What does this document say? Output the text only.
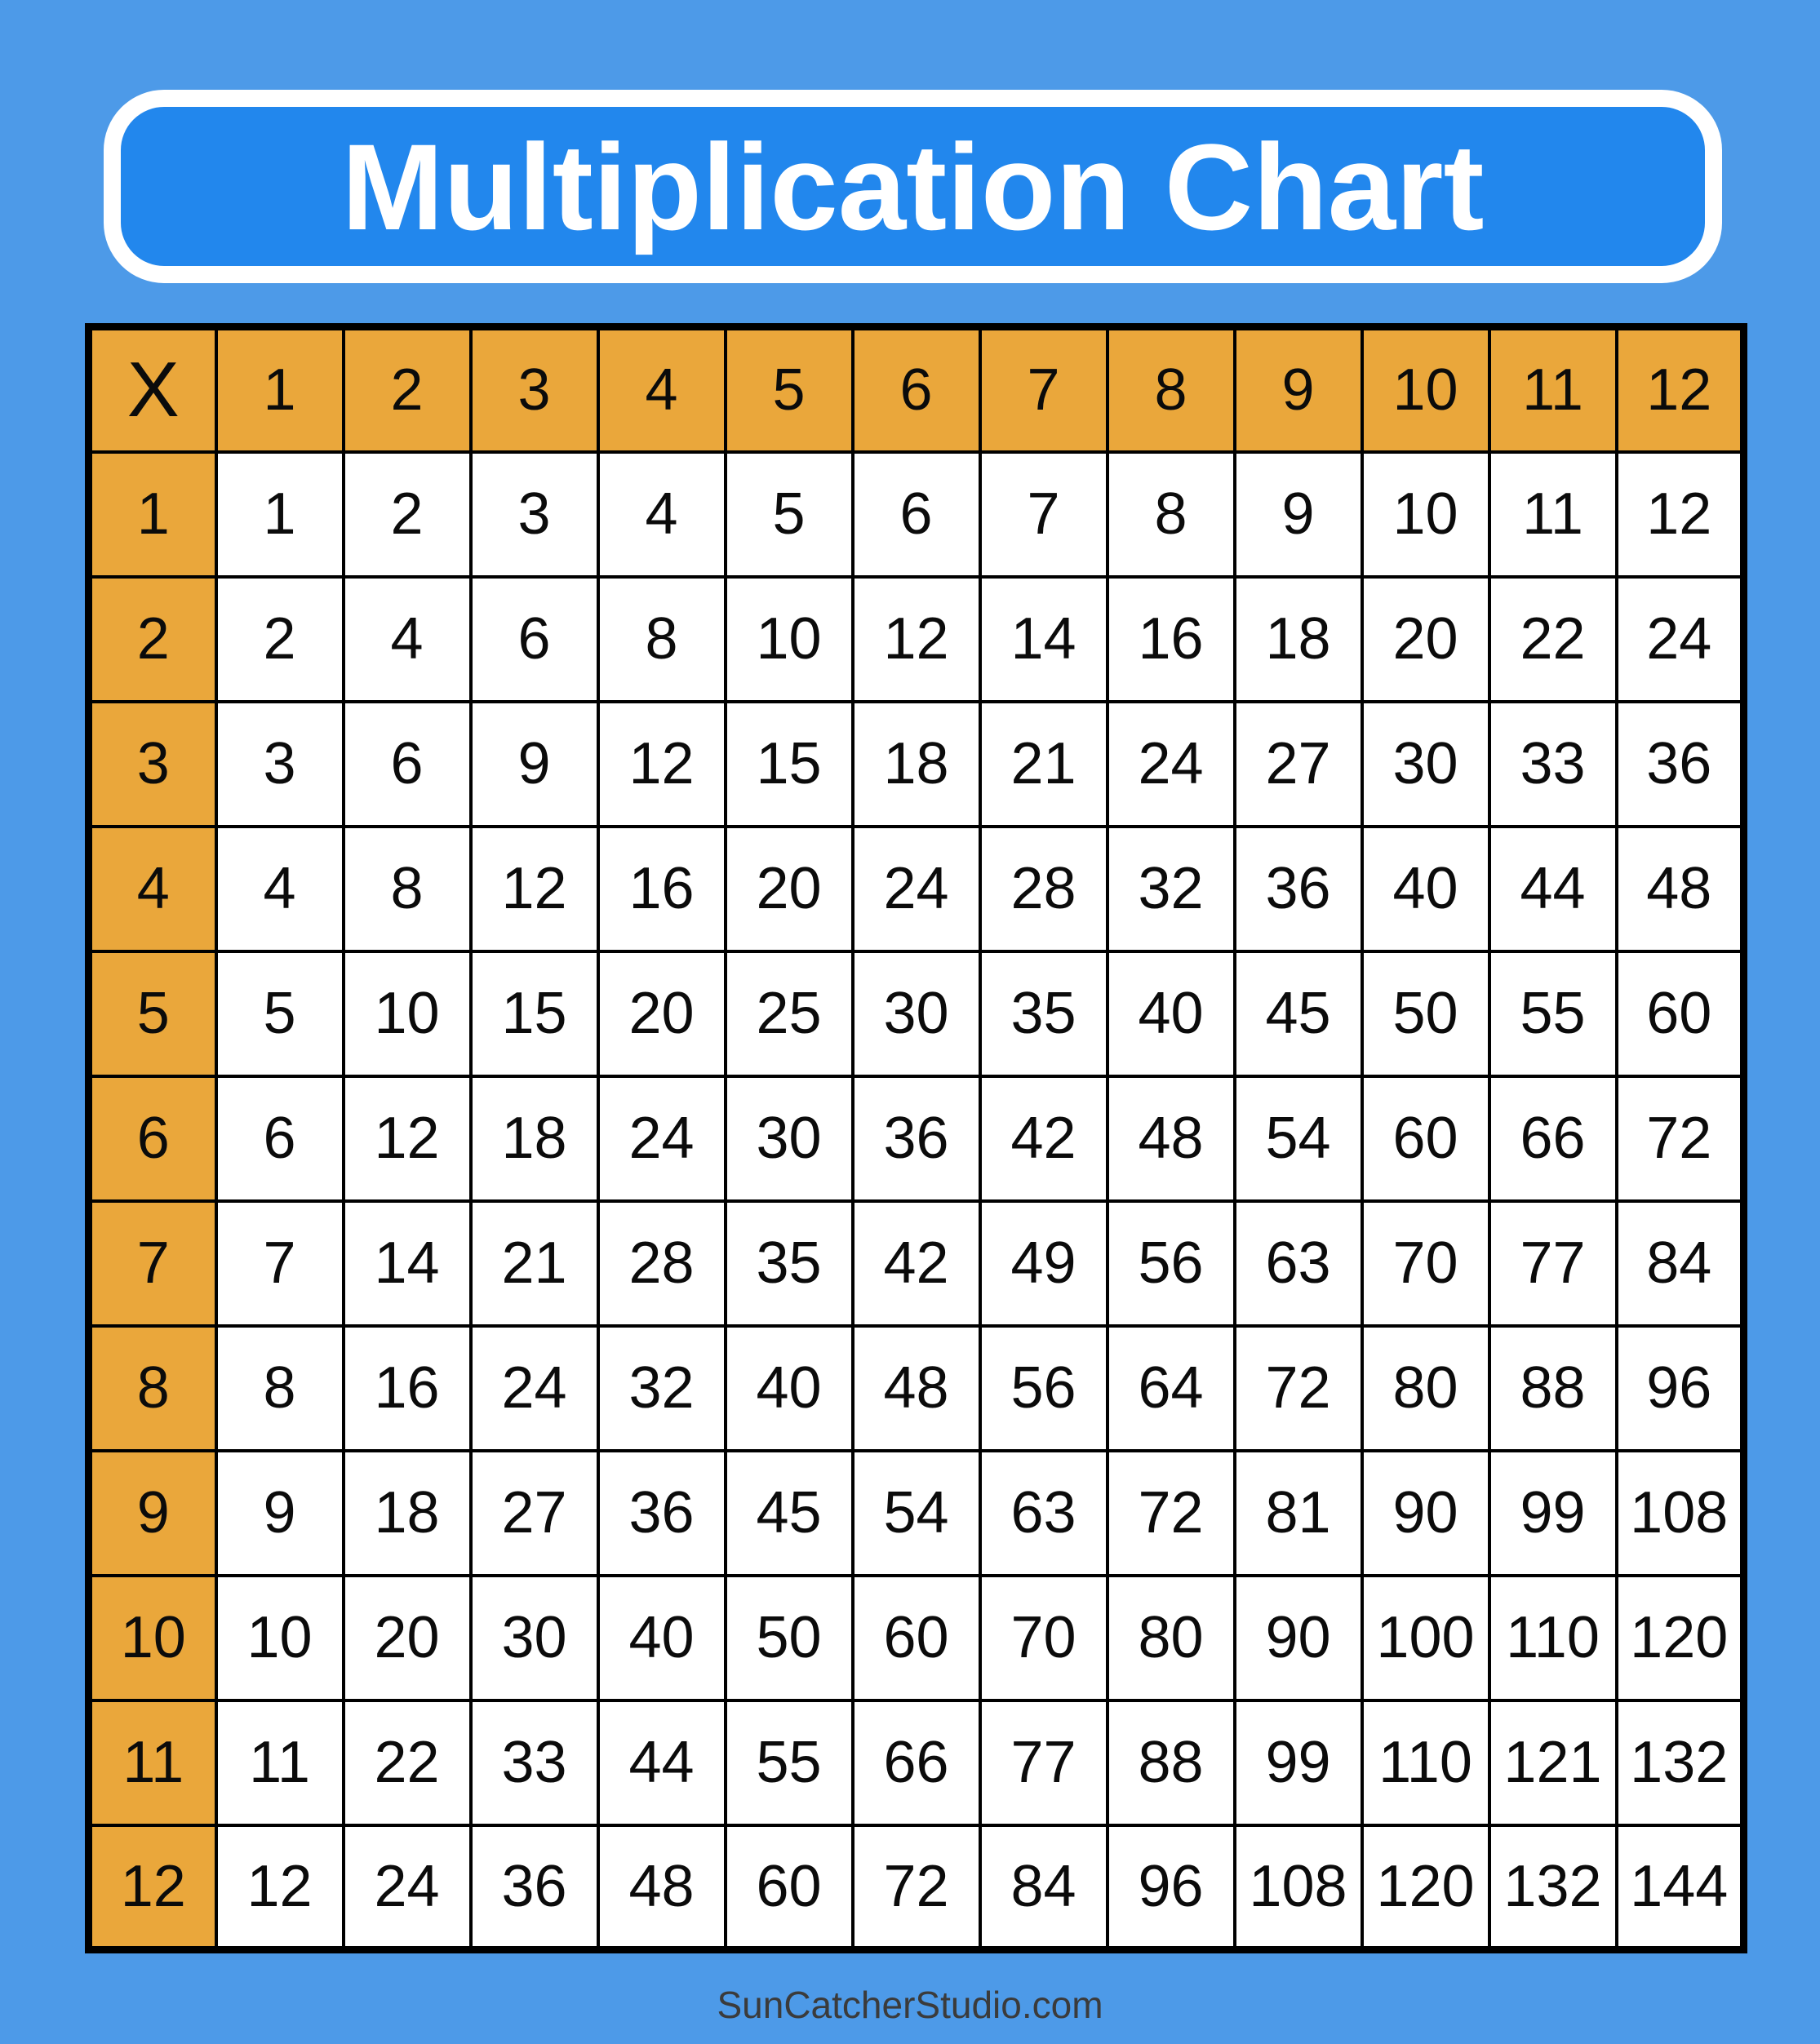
Multiplication Chart
X	1	2	3	4	5	6	7	8	9	10	11	12
1	1	2	3	4	5	6	7	8	9	10	11	12
2	2	4	6	8	10	12	14	16	18	20	22	24
3	3	6	9	12	15	18	21	24	27	30	33	36
4	4	8	12	16	20	24	28	32	36	40	44	48
5	5	10	15	20	25	30	35	40	45	50	55	60
6	6	12	18	24	30	36	42	48	54	60	66	72
7	7	14	21	28	35	42	49	56	63	70	77	84
8	8	16	24	32	40	48	56	64	72	80	88	96
9	9	18	27	36	45	54	63	72	81	90	99	108
10	10	20	30	40	50	60	70	80	90	100	110	120
11	11	22	33	44	55	66	77	88	99	110	121	132
12	12	24	36	48	60	72	84	96	108	120	132	144
SunCatcherStudio.com
